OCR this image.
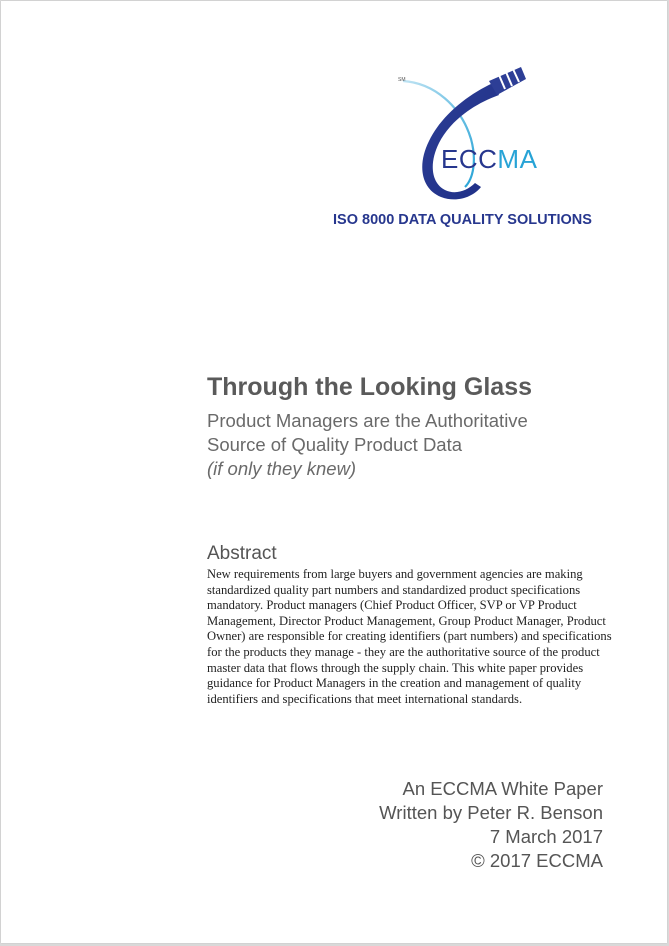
SM
ECCMA
ISO 8000 DATA QUALITY SOLUTIONS
Through the Looking Glass
Product Managers are the Authoritative
Source of Quality Product Data
(if only they knew)
Abstract
New requirements from large buyers and government agencies are making standardized quality part numbers and standardized product specifications mandatory. Product managers (Chief Product Officer, SVP or VP Product Management, Director Product Management, Group Product Manager, Product Owner) are responsible for creating identifiers (part numbers) and specifications for the products they manage - they are the authoritative source of the product master data that flows through the supply chain. This white paper provides guidance for Product Managers in the creation and management of quality identifiers and specifications that meet international standards.
An ECCMA White Paper
Written by Peter R. Benson
7 March 2017
© 2017 ECCMA
